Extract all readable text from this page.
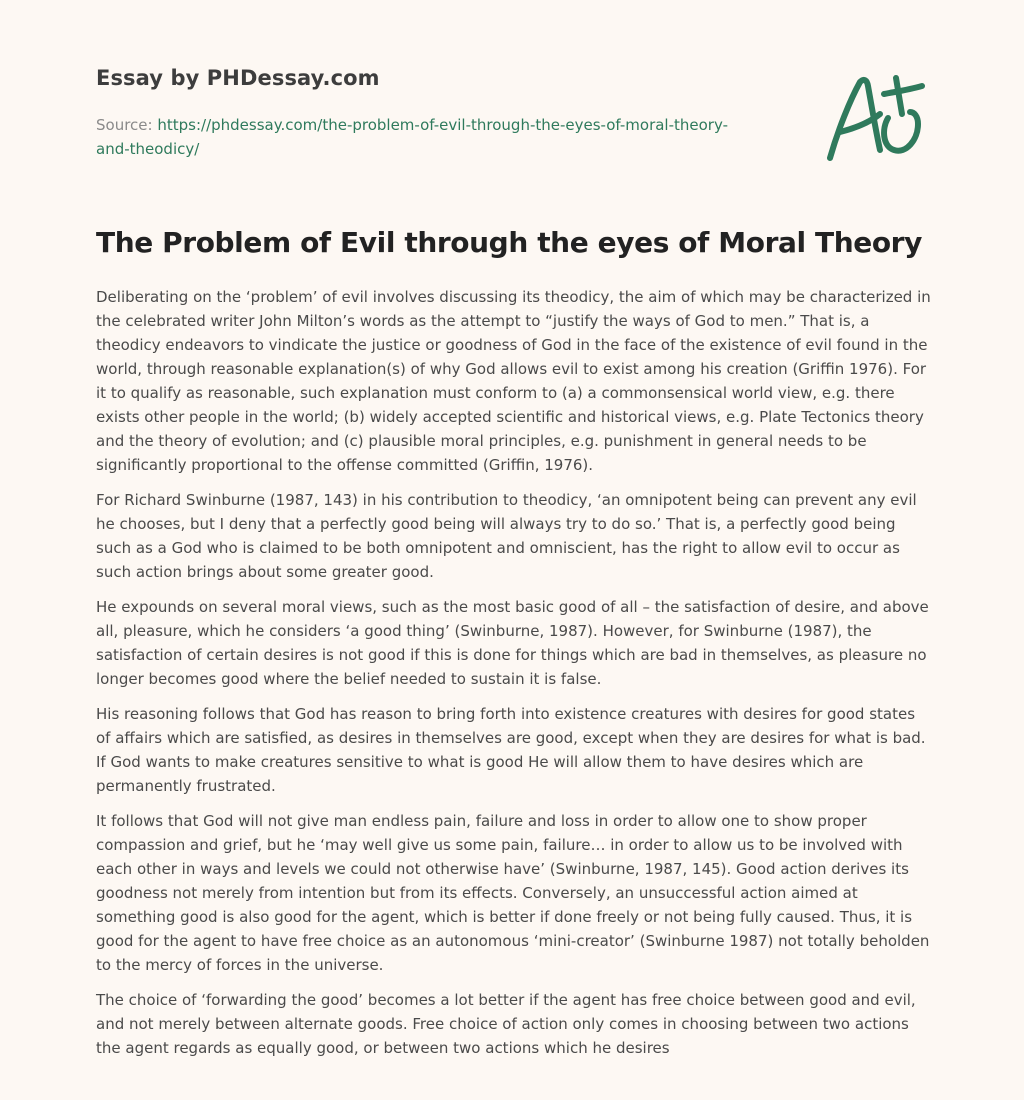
Essay by PHDessay.com
Source: https://phdessay.com/the-problem-of-evil-through-the-eyes-of-moral-theory-and-theodicy/
The Problem of Evil through the eyes of Moral Theory

Deliberating on the ‘problem’ of evil involves discussing its theodicy, the aim of which may be characterized in the celebrated writer John Milton’s words as the attempt to “justify the ways of God to men.” That is, a theodicy endeavors to vindicate the justice or goodness of God in the face of the existence of evil found in the world, through reasonable explanation(s) of why God allows evil to exist among his creation (Griffin 1976). For it to qualify as reasonable, such explanation must conform to (a) a commonsensical world view, e.g. there exists other people in the world; (b) widely accepted scientific and historical views, e.g. Plate Tectonics theory and the theory of evolution; and (c) plausible moral principles, e.g. punishment in general needs to be significantly proportional to the offense committed (Griffin, 1976).

For Richard Swinburne (1987, 143) in his contribution to theodicy, ‘an omnipotent being can prevent any evil he chooses, but I deny that a perfectly good being will always try to do so.’ That is, a perfectly good being such as a God who is claimed to be both omnipotent and omniscient, has the right to allow evil to occur as such action brings about some greater good.

He expounds on several moral views, such as the most basic good of all – the satisfaction of desire, and above all, pleasure, which he considers ‘a good thing’ (Swinburne, 1987). However, for Swinburne (1987), the satisfaction of certain desires is not good if this is done for things which are bad in themselves, as pleasure no longer becomes good where the belief needed to sustain it is false.

His reasoning follows that God has reason to bring forth into existence creatures with desires for good states of affairs which are satisfied, as desires in themselves are good, except when they are desires for what is bad. If God wants to make creatures sensitive to what is good He will allow them to have desires which are permanently frustrated.

It follows that God will not give man endless pain, failure and loss in order to allow one to show proper compassion and grief, but he ‘may well give us some pain, failure… in order to allow us to be involved with each other in ways and levels we could not otherwise have’ (Swinburne, 1987, 145). Good action derives its goodness not merely from intention but from its effects. Conversely, an unsuccessful action aimed at something good is also good for the agent, which is better if done freely or not being fully caused. Thus, it is good for the agent to have free choice as an autonomous ‘mini-creator’ (Swinburne 1987) not totally beholden to the mercy of forces in the universe.

The choice of ‘forwarding the good’ becomes a lot better if the agent has free choice between good and evil, and not merely between alternate goods. Free choice of action only comes in choosing between two actions the agent regards as equally good, or between two actions which he desires
